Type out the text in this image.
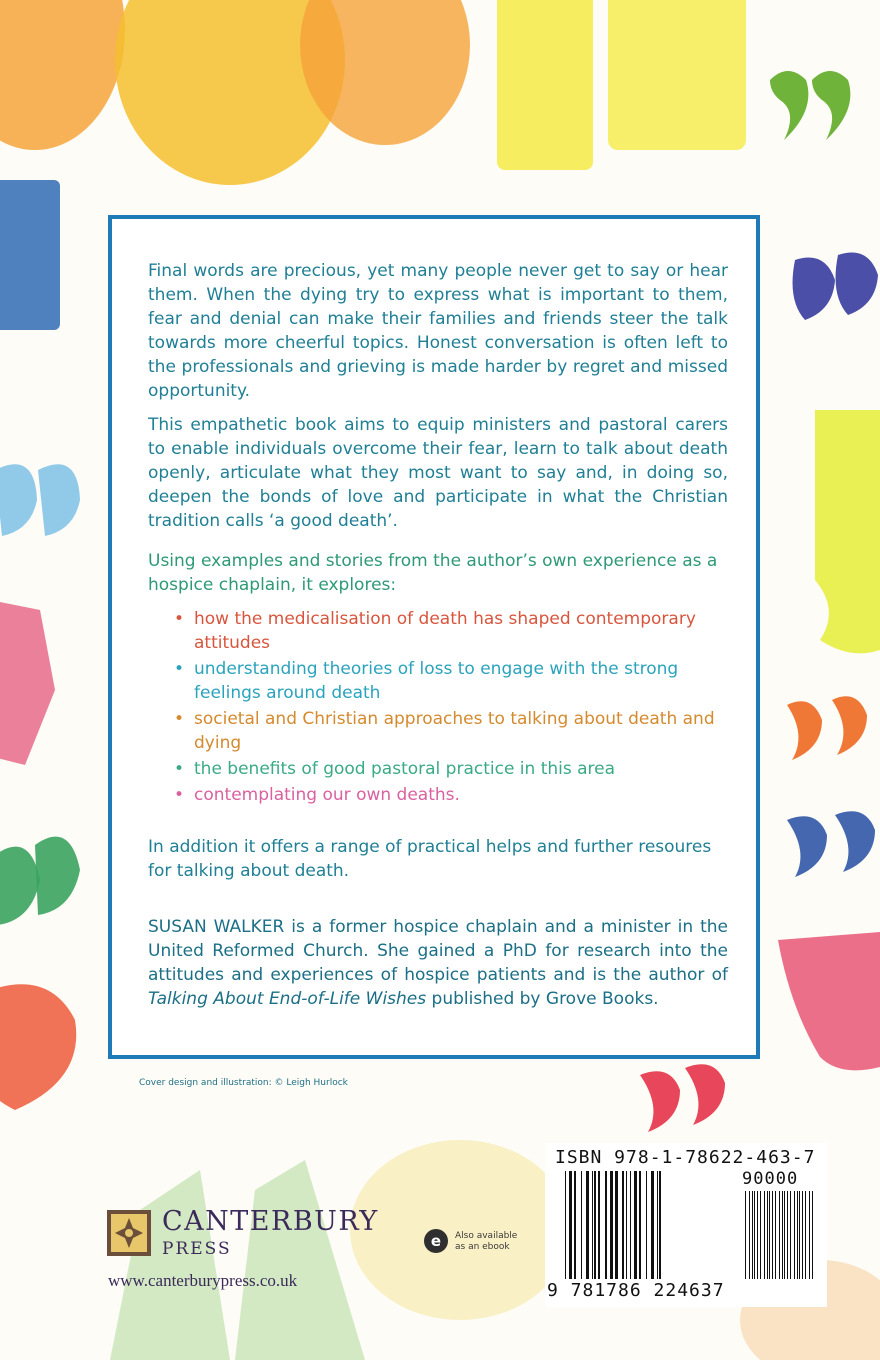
Final words are precious, yet many people never get to say or hear them. When the dying try to express what is important to them, fear and denial can make their families and friends steer the talk towards more cheerful topics. Honest conversation is often left to the professionals and grieving is made harder by regret and missed opportunity.

This empathetic book aims to equip ministers and pastoral carers to enable individuals overcome their fear, learn to talk about death openly, articulate what they most want to say and, in doing so, deepen the bonds of love and participate in what the Christian tradition calls ‘a good death’.

Using examples and stories from the author’s own experience as a hospice chaplain, it explores:

• how the medicalisation of death has shaped contemporary attitudes
• understanding theories of loss to engage with the strong feelings around death
• societal and Christian approaches to talking about death and dying
• the benefits of good pastoral practice in this area
• contemplating our own deaths.

In addition it offers a range of practical helps and further resoures for talking about death.

SUSAN WALKER is a former hospice chaplain and a minister in the United Reformed Church. She gained a PhD for research into the attitudes and experiences of hospice patients and is the author of Talking About End-of-Life Wishes published by Grove Books.

Cover design and illustration: © Leigh Hurlock
ISBN 978-1-78622-463-7
90000
9 781786 224637
CANTERBURY
PRESS
www.canterburypress.co.uk
e Also available as an ebook
